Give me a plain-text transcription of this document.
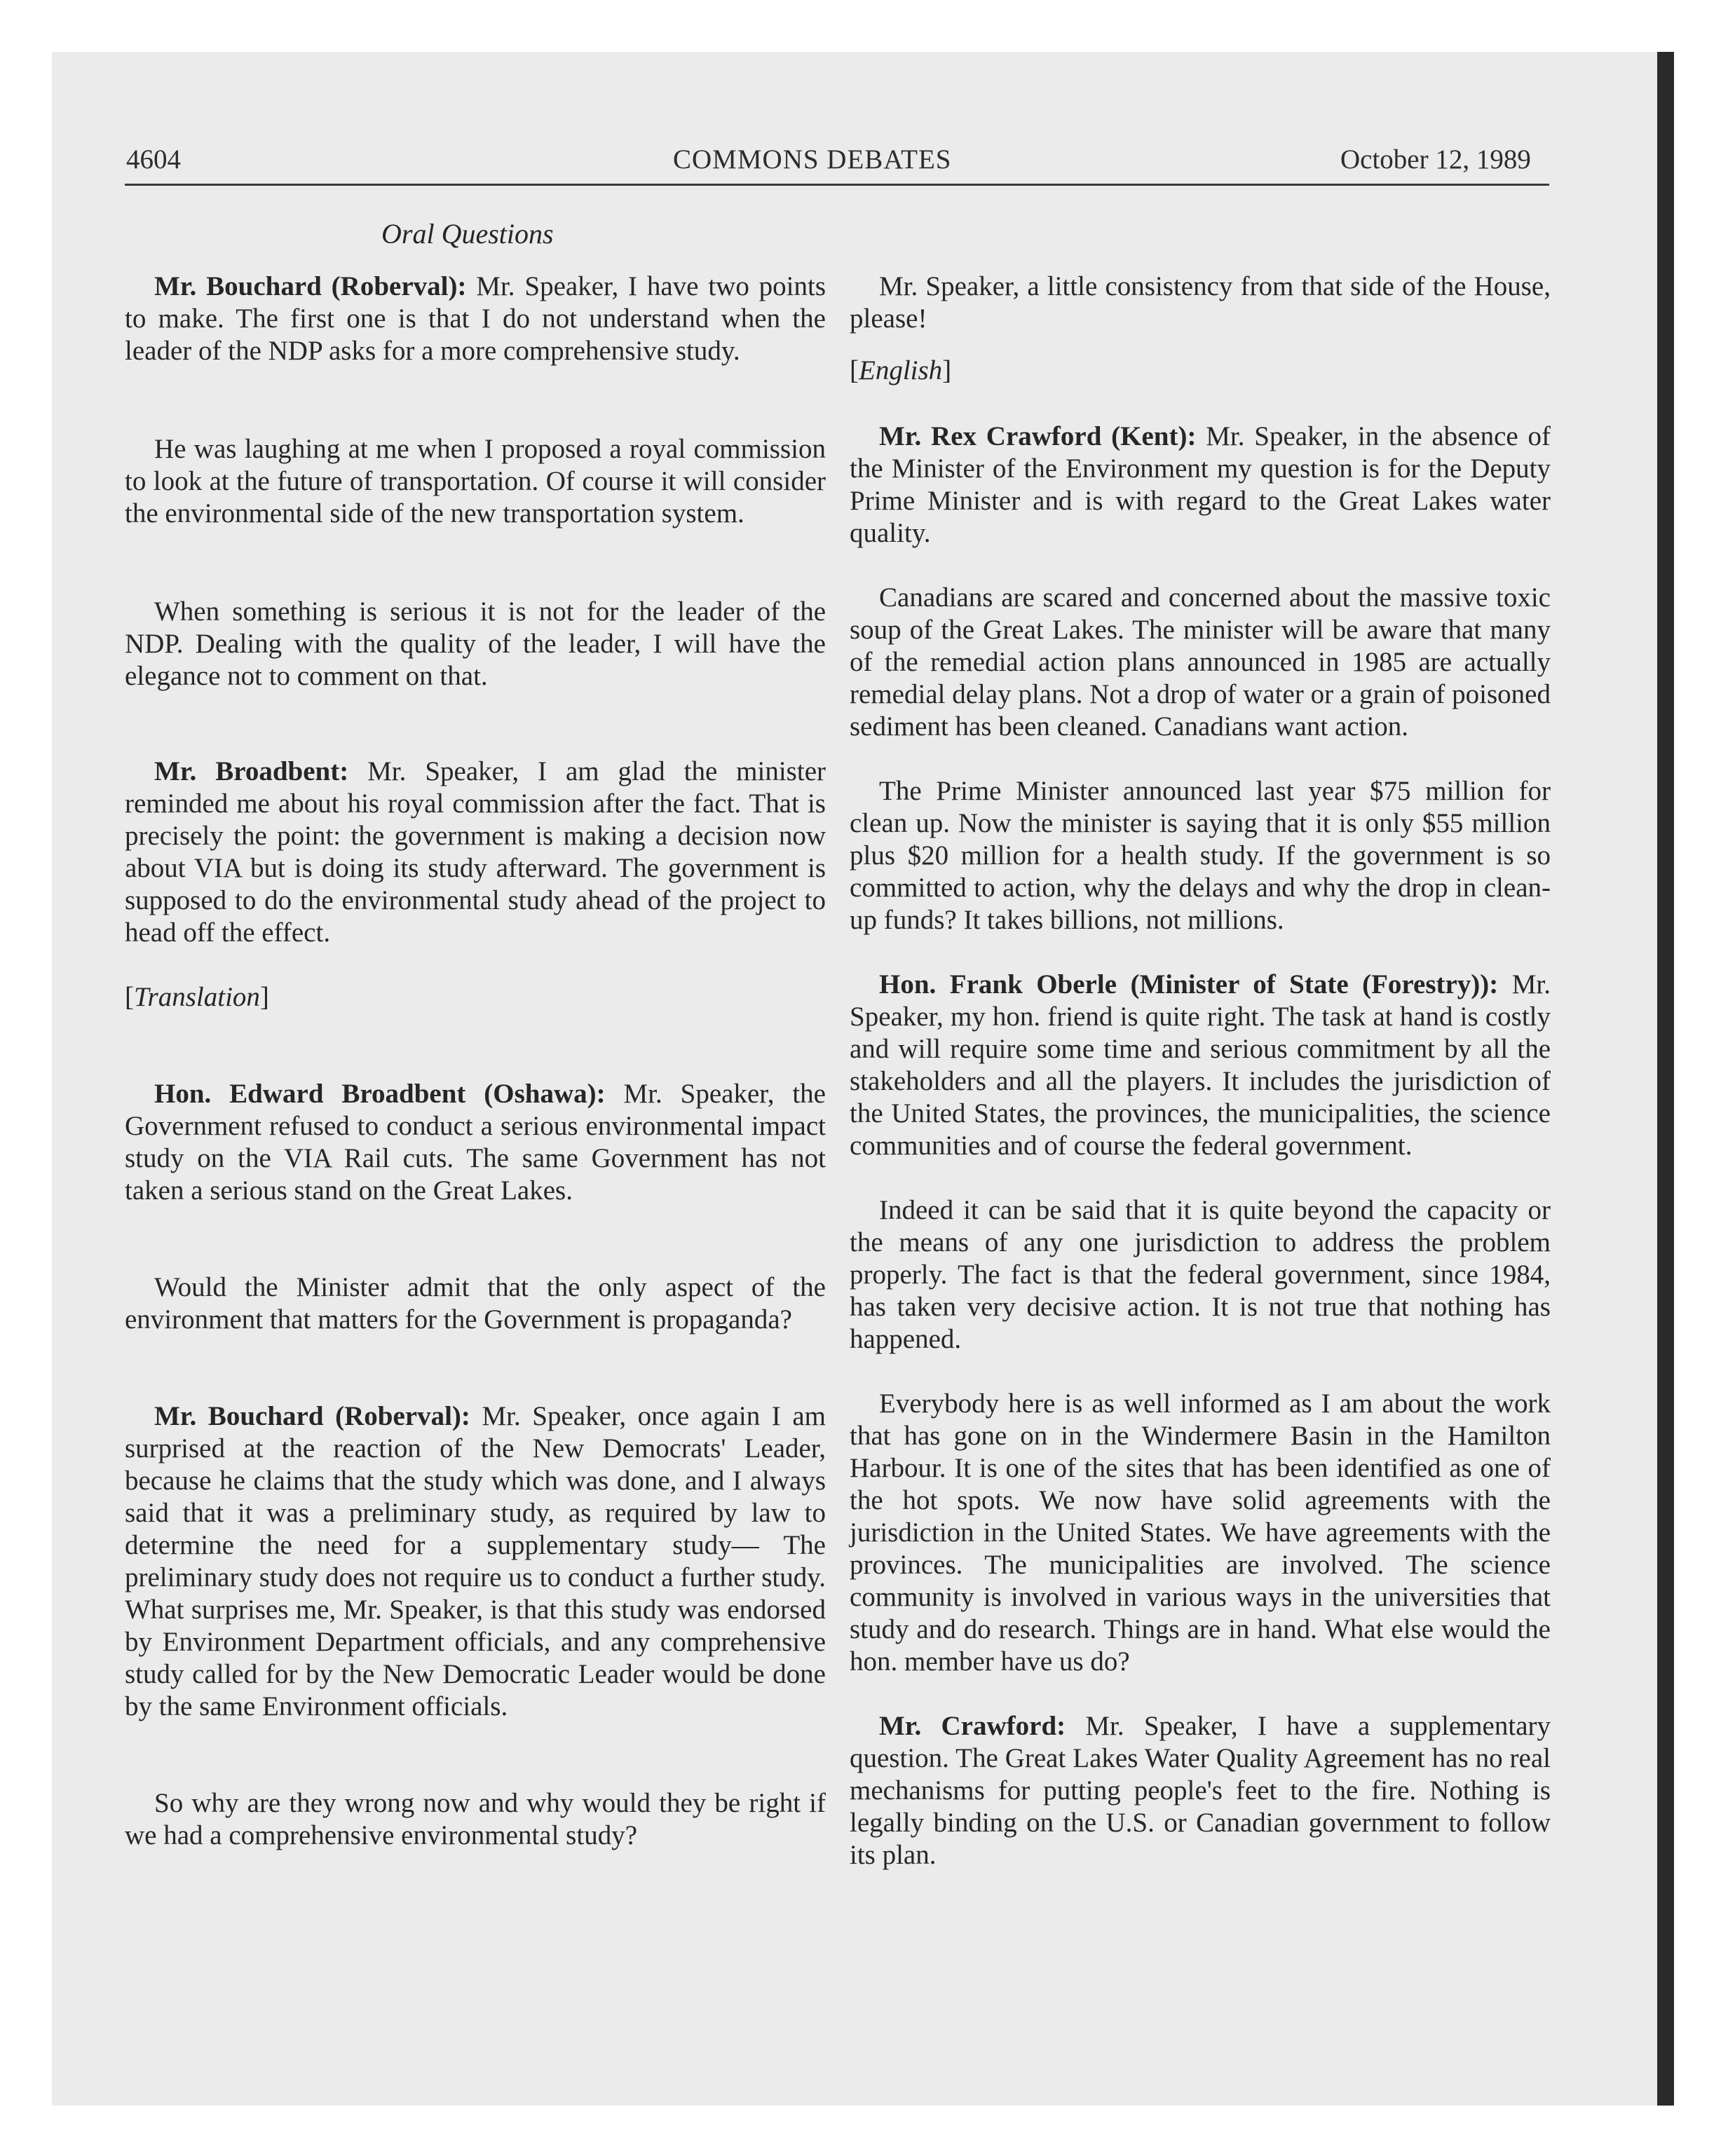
4604	COMMONS DEBATES	October 12, 1989
Oral Questions

Mr. Bouchard (Roberval): Mr. Speaker, I have two points to make. The first one is that I do not understand when the leader of the NDP asks for a more comprehensive study.

He was laughing at me when I proposed a royal commission to look at the future of transportation. Of course it will consider the environmental side of the new transportation system.

When something is serious it is not for the leader of the NDP. Dealing with the quality of the leader, I will have the elegance not to comment on that.

Mr. Broadbent: Mr. Speaker, I am glad the minister reminded me about his royal commission after the fact. That is precisely the point: the government is making a decision now about VIA but is doing its study afterward. The government is supposed to do the environmental study ahead of the project to head off the effect.

[Translation]

Hon. Edward Broadbent (Oshawa): Mr. Speaker, the Government refused to conduct a serious environmental impact study on the VIA Rail cuts. The same Government has not taken a serious stand on the Great Lakes.

Would the Minister admit that the only aspect of the environment that matters for the Government is propaganda?

Mr. Bouchard (Roberval): Mr. Speaker, once again I am surprised at the reaction of the New Democrats' Leader, because he claims that the study which was done, and I always said that it was a preliminary study, as required by law to determine the need for a supplementary study— The preliminary study does not require us to conduct a further study. What surprises me, Mr. Speaker, is that this study was endorsed by Environment Department officials, and any comprehensive study called for by the New Democratic Leader would be done by the same Environment officials.

So why are they wrong now and why would they be right if we had a comprehensive environmental study?

Mr. Speaker, a little consistency from that side of the House, please!

[English]

Mr. Rex Crawford (Kent): Mr. Speaker, in the absence of the Minister of the Environment my question is for the Deputy Prime Minister and is with regard to the Great Lakes water quality.

Canadians are scared and concerned about the massive toxic soup of the Great Lakes. The minister will be aware that many of the remedial action plans announced in 1985 are actually remedial delay plans. Not a drop of water or a grain of poisoned sediment has been cleaned. Canadians want action.

The Prime Minister announced last year $75 million for clean up. Now the minister is saying that it is only $55 million plus $20 million for a health study. If the government is so committed to action, why the delays and why the drop in clean-up funds? It takes billions, not millions.

Hon. Frank Oberle (Minister of State (Forestry)): Mr. Speaker, my hon. friend is quite right. The task at hand is costly and will require some time and serious commitment by all the stakeholders and all the players. It includes the jurisdiction of the United States, the provinces, the municipalities, the science communities and of course the federal government.

Indeed it can be said that it is quite beyond the capacity or the means of any one jurisdiction to address the problem properly. The fact is that the federal government, since 1984, has taken very decisive action. It is not true that nothing has happened.

Everybody here is as well informed as I am about the work that has gone on in the Windermere Basin in the Hamilton Harbour. It is one of the sites that has been identified as one of the hot spots. We now have solid agreements with the jurisdiction in the United States. We have agreements with the provinces. The municipalities are involved. The science community is involved in various ways in the universities that study and do research. Things are in hand. What else would the hon. member have us do?

Mr. Crawford: Mr. Speaker, I have a supplementary question. The Great Lakes Water Quality Agreement has no real mechanisms for putting people's feet to the fire. Nothing is legally binding on the U.S. or Canadian government to follow its plan.
